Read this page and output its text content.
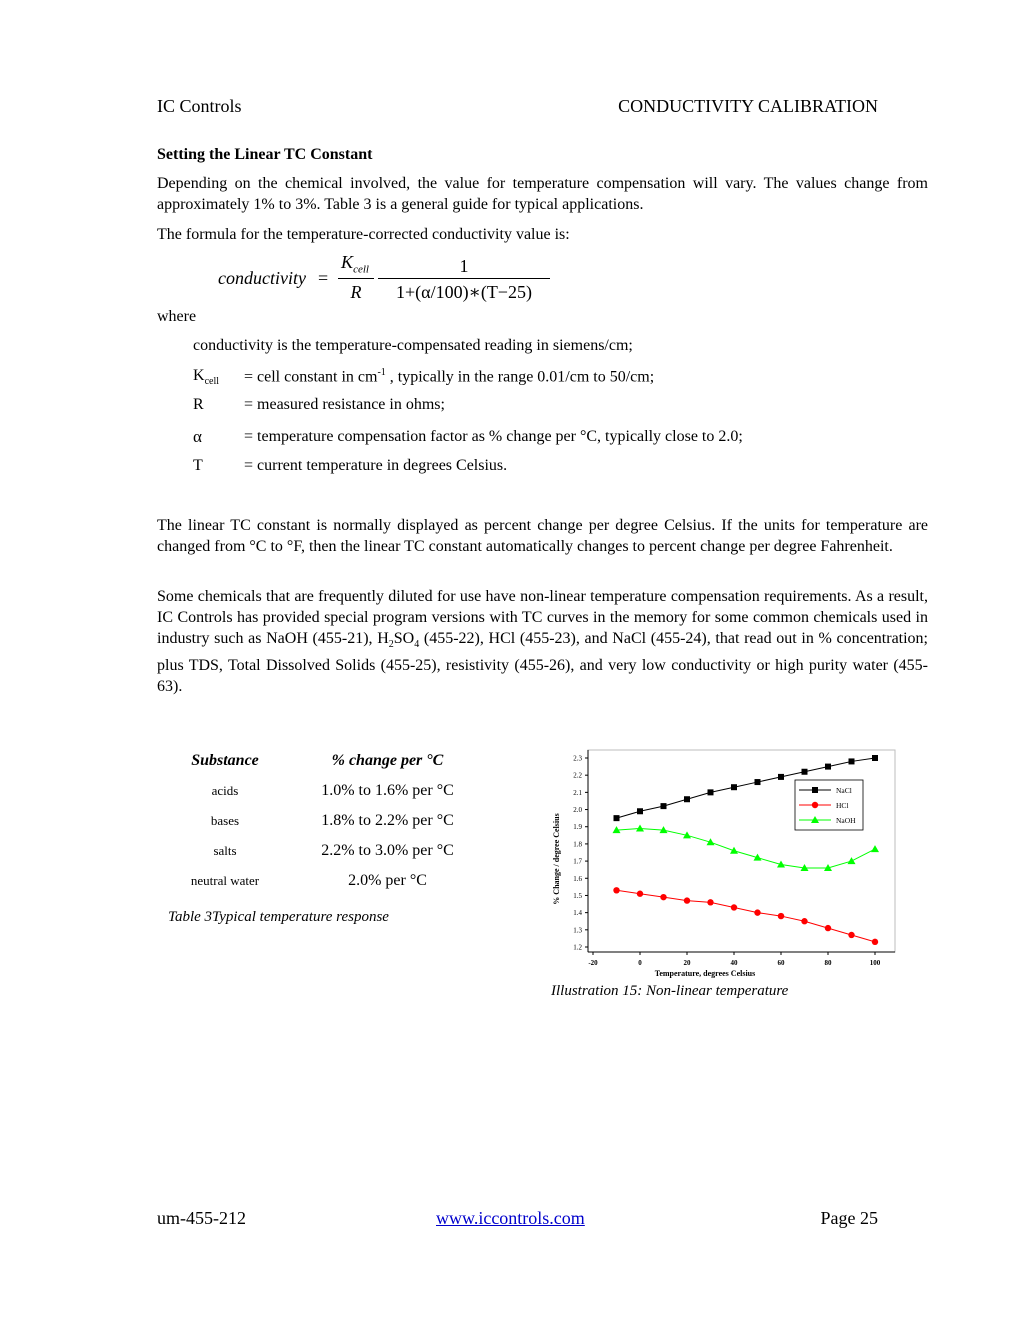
IC Controls	CONDUCTIVITY CALIBRATION
Setting the Linear TC Constant

Depending on the chemical involved, the value for temperature compensation will vary. The values change from approximately 1% to 3%. Table 3 is a general guide for typical applications.

The formula for the temperature-corrected conductivity value is:

conductivity =
$K_{cell}$
R
1
1+(α/100)∗(T−25)
where
conductivity is the temperature-compensated reading in siemens/cm;
$K_{cell}$ = cell constant in $cm^{-1}$ , typically in the range 0.01/cm to 50/cm;
R	= measured resistance in ohms;
α	= temperature compensation factor as % change per °C, typically close to 2.0;
T	= current temperature in degrees Celsius.

The linear TC constant is normally displayed as percent change per degree Celsius. If the units for temperature are changed from °C to °F, then the linear TC constant automatically changes to percent change per degree Fahrenheit.

Some chemicals that are frequently diluted for use have non-linear temperature compensation requirements. As a result, IC Controls has provided special program versions with TC curves in the memory for some common chemicals used in industry such as NaOH (455-21), $H_2SO_4$ (455-22), HCl (455-23), and NaCl (455-24), that read out in % concentration; plus TDS, Total Dissolved Solids (455-25), resistivity (455-26), and very low conductivity or high purity water (455-63).

Substance	% change per °C
acids	1.0% to 1.6% per °C
bases	1.8% to 2.2% per °C
salts	2.2% to 3.0% per °C
neutral water	2.0% per °C
Table 3Typical temperature response
1.2
1.3
1.4
1.5
1.6
1.7
1.8
1.9
2.0
2.1
2.2
2.3
-20	0	20	40	60	80	100
NaCl
HCl
NaOH
Temperature, degrees Celsius
% Change / degree Celsius
Illustration 15: Non-linear temperature
um-455-212	www.iccontrols.com	Page 25
